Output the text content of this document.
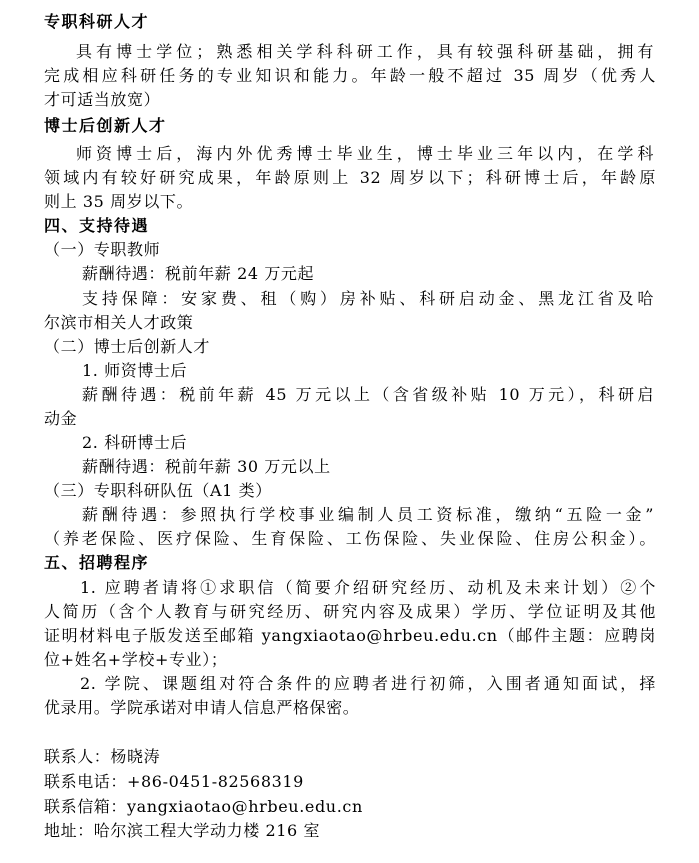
专职科研人才
具有博士学位；熟悉相关学科科研工作，具有较强科研基础，拥有
完成相应科研任务的专业知识和能力。年龄一般不超过 35 周岁（优秀人
才可适当放宽）
博士后创新人才
师资博士后，海内外优秀博士毕业生，博士毕业三年以内，在学科
领域内有较好研究成果，年龄原则上 32 周岁以下；科研博士后，年龄原
则上 35 周岁以下。
四、支持待遇
（一）专职教师
薪酬待遇：税前年薪 24 万元起
支持保障：安家费、租（购）房补贴、科研启动金、黑龙江省及哈
尔滨市相关人才政策
（二）博士后创新人才
1. 师资博士后
薪酬待遇：税前年薪 45 万元以上（含省级补贴 10 万元），科研启
动金
2. 科研博士后
薪酬待遇：税前年薪 30 万元以上
（三）专职科研队伍（A1 类）
薪酬待遇：参照执行学校事业编制人员工资标准，缴纳“五险一金”
（养老保险、医疗保险、生育保险、工伤保险、失业保险、住房公积金）。
五、招聘程序
1. 应聘者请将①求职信（简要介绍研究经历、动机及未来计划）②个
人简历（含个人教育与研究经历、研究内容及成果）学历、学位证明及其他
证明材料电子版发送至邮箱 yangxiaotao@hrbeu.edu.cn（邮件主题：应聘岗
位+姓名+学校+专业）；
2. 学院、课题组对符合条件的应聘者进行初筛，入围者通知面试，择
优录用。学院承诺对申请人信息严格保密。
联系人：杨晓涛
联系电话：+86-0451-82568319
联系信箱：yangxiaotao@hrbeu.edu.cn
地址：哈尔滨工程大学动力楼 216 室
